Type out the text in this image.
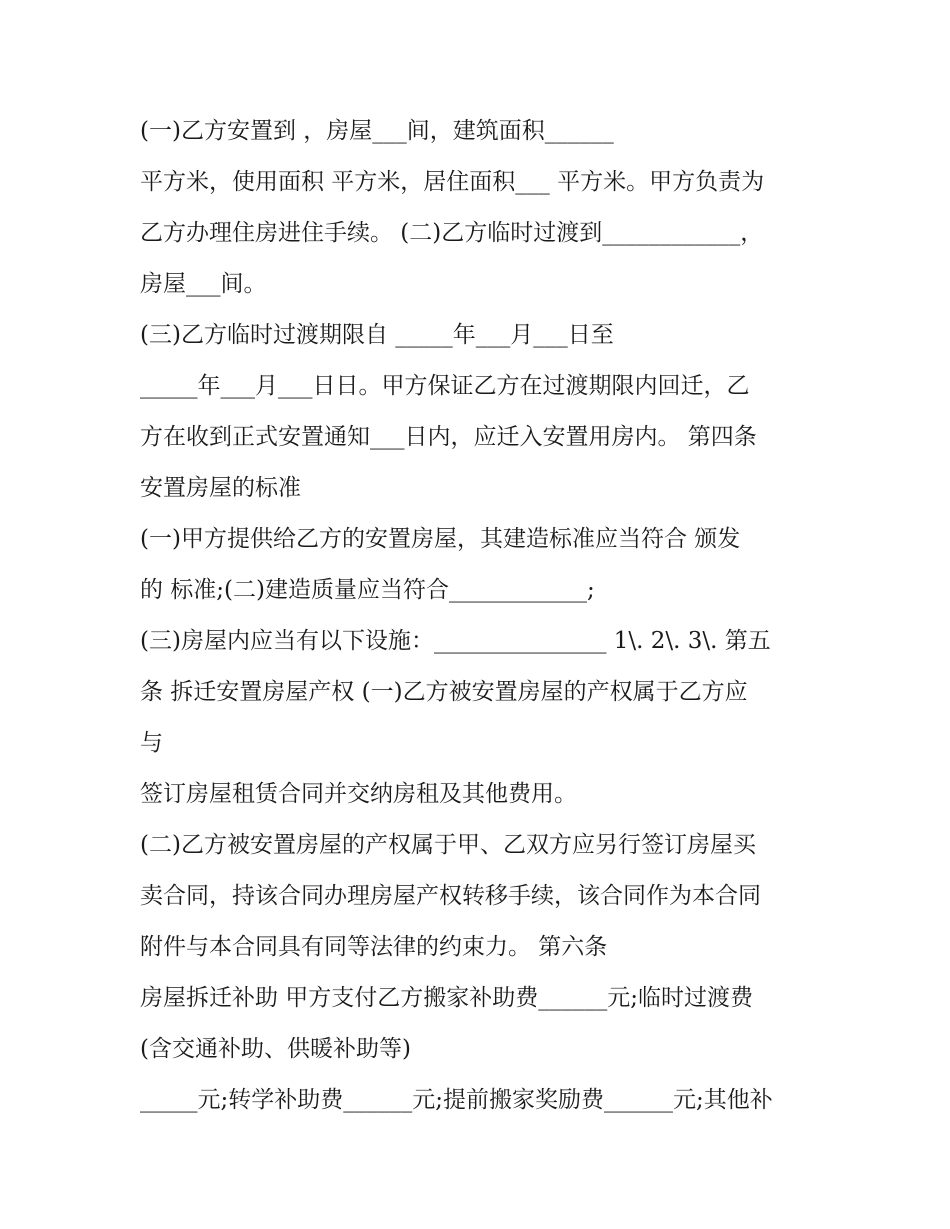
(一)乙方安置到 ，房屋___间，建筑面积______
平方米，使用面积 平方米，居住面积___ 平方米。甲方负责为
乙方办理住房进住手续。 (二)乙方临时过渡到____________，
房屋___间。
(三)乙方临时过渡期限自 _____年___月___日至
_____年___月___日日。甲方保证乙方在过渡期限内回迁，乙
方在收到正式安置通知___日内，应迁入安置用房内。 第四条
安置房屋的标准
(一)甲方提供给乙方的安置房屋，其建造标准应当符合 颁发
的 标准;(二)建造质量应当符合____________;
(三)房屋内应当有以下设施：_______________ 1\. 2\. 3\. 第五
条 拆迁安置房屋产权 (一)乙方被安置房屋的产权属于乙方应
与
签订房屋租赁合同并交纳房租及其他费用。
(二)乙方被安置房屋的产权属于甲、乙双方应另行签订房屋买
卖合同，持该合同办理房屋产权转移手续，该合同作为本合同
附件与本合同具有同等法律的约束力。 第六条
房屋拆迁补助 甲方支付乙方搬家补助费______元;临时过渡费
(含交通补助、供暖补助等)
_____元;转学补助费______元;提前搬家奖励费______元;其他补
